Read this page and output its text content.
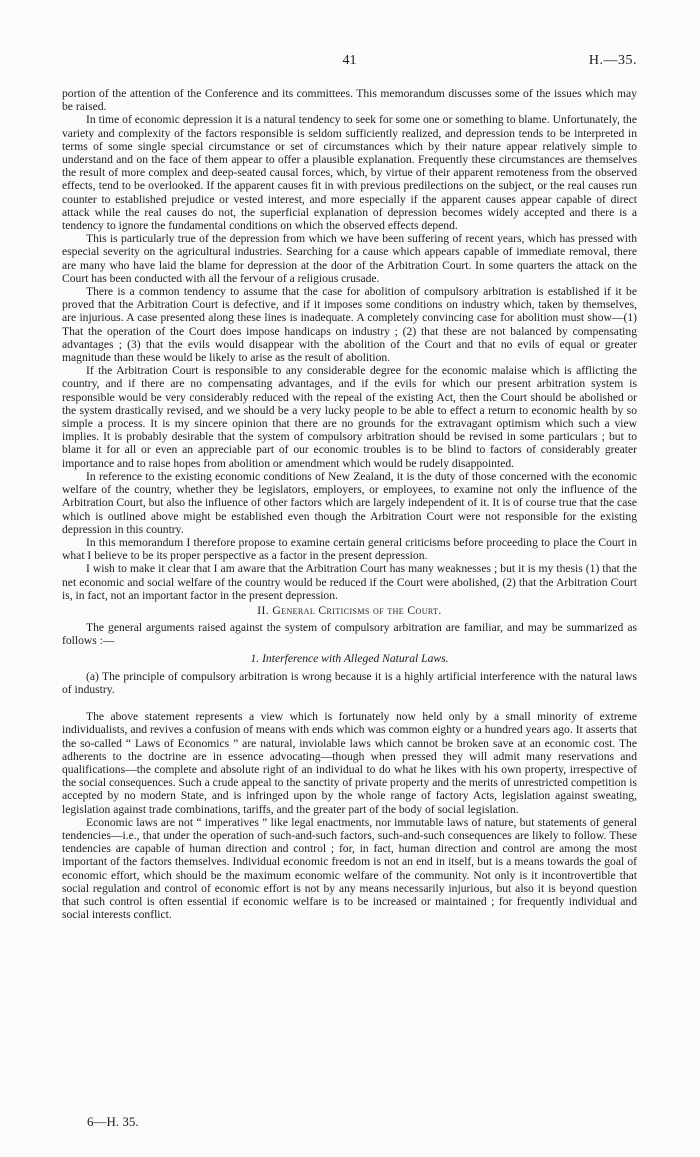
41	H.—35.

portion of the attention of the Conference and its committees. This memorandum discusses some of the issues which may be raised.

In time of economic depression it is a natural tendency to seek for some one or something to blame. Unfortunately, the variety and complexity of the factors responsible is seldom sufficiently realized, and depression tends to be interpreted in terms of some single special circumstance or set of circumstances which by their nature appear relatively simple to understand and on the face of them appear to offer a plausible explanation. Frequently these circumstances are themselves the result of more complex and deep-seated causal forces, which, by virtue of their apparent remoteness from the observed effects, tend to be overlooked. If the apparent causes fit in with previous predilections on the subject, or the real causes run counter to established prejudice or vested interest, and more especially if the apparent causes appear capable of direct attack while the real causes do not, the superficial explanation of depression becomes widely accepted and there is a tendency to ignore the fundamental conditions on which the observed effects depend.

This is particularly true of the depression from which we have been suffering of recent years, which has pressed with especial severity on the agricultural industries. Searching for a cause which appears capable of immediate removal, there are many who have laid the blame for depression at the door of the Arbitration Court. In some quarters the attack on the Court has been conducted with all the fervour of a religious crusade.

There is a common tendency to assume that the case for abolition of compulsory arbitration is established if it be proved that the Arbitration Court is defective, and if it imposes some conditions on industry which, taken by themselves, are injurious. A case presented along these lines is inadequate. A completely convincing case for abolition must show—(1) That the operation of the Court does impose handicaps on industry ; (2) that these are not balanced by compensating advantages ; (3) that the evils would disappear with the abolition of the Court and that no evils of equal or greater magnitude than these would be likely to arise as the result of abolition.

If the Arbitration Court is responsible to any considerable degree for the economic malaise which is afflicting the country, and if there are no compensating advantages, and if the evils for which our present arbitration system is responsible would be very considerably reduced with the repeal of the existing Act, then the Court should be abolished or the system drastically revised, and we should be a very lucky people to be able to effect a return to economic health by so simple a process. It is my sincere opinion that there are no grounds for the extravagant optimism which such a view implies. It is probably desirable that the system of compulsory arbitration should be revised in some particulars ; but to blame it for all or even an appreciable part of our economic troubles is to be blind to factors of considerably greater importance and to raise hopes from abolition or amendment which would be rudely disappointed.

In reference to the existing economic conditions of New Zealand, it is the duty of those concerned with the economic welfare of the country, whether they be legislators, employers, or employees, to examine not only the influence of the Arbitration Court, but also the influence of other factors which are largely independent of it. It is of course true that the case which is outlined above might be established even though the Arbitration Court were not responsible for the existing depression in this country.

In this memorandum I therefore propose to examine certain general criticisms before proceeding to place the Court in what I believe to be its proper perspective as a factor in the present depression.

I wish to make it clear that I am aware that the Arbitration Court has many weaknesses ; but it is my thesis (1) that the net economic and social welfare of the country would be reduced if the Court were abolished, (2) that the Arbitration Court is, in fact, not an important factor in the present depression.

II. General Criticisms of the Court.

The general arguments raised against the system of compulsory arbitration are familiar, and may be summarized as follows :—

1. Interference with Alleged Natural Laws.

(a) The principle of compulsory arbitration is wrong because it is a highly artificial interference with the natural laws of industry.

The above statement represents a view which is fortunately now held only by a small minority of extreme individualists, and revives a confusion of means with ends which was common eighty or a hundred years ago. It asserts that the so-called “ Laws of Economics ” are natural, inviolable laws which cannot be broken save at an economic cost. The adherents to the doctrine are in essence advocating—though when pressed they will admit many reservations and qualifications—the complete and absolute right of an individual to do what he likes with his own property, irrespective of the social consequences. Such a crude appeal to the sanctity of private property and the merits of unrestricted competition is accepted by no modern State, and is infringed upon by the whole range of factory Acts, legislation against sweating, legislation against trade combinations, tariffs, and the greater part of the body of social legislation.

Economic laws are not “ imperatives ” like legal enactments, nor immutable laws of nature, but statements of general tendencies—i.e., that under the operation of such-and-such factors, such-and-such consequences are likely to follow. These tendencies are capable of human direction and control ; for, in fact, human direction and control are among the most important of the factors themselves. Individual economic freedom is not an end in itself, but is a means towards the goal of economic effort, which should be the maximum economic welfare of the community. Not only is it incontrovertible that social regulation and control of economic effort is not by any means necessarily injurious, but also it is beyond question that such control is often essential if economic welfare is to be increased or maintained ; for frequently individual and social interests conflict.

6—H. 35.
